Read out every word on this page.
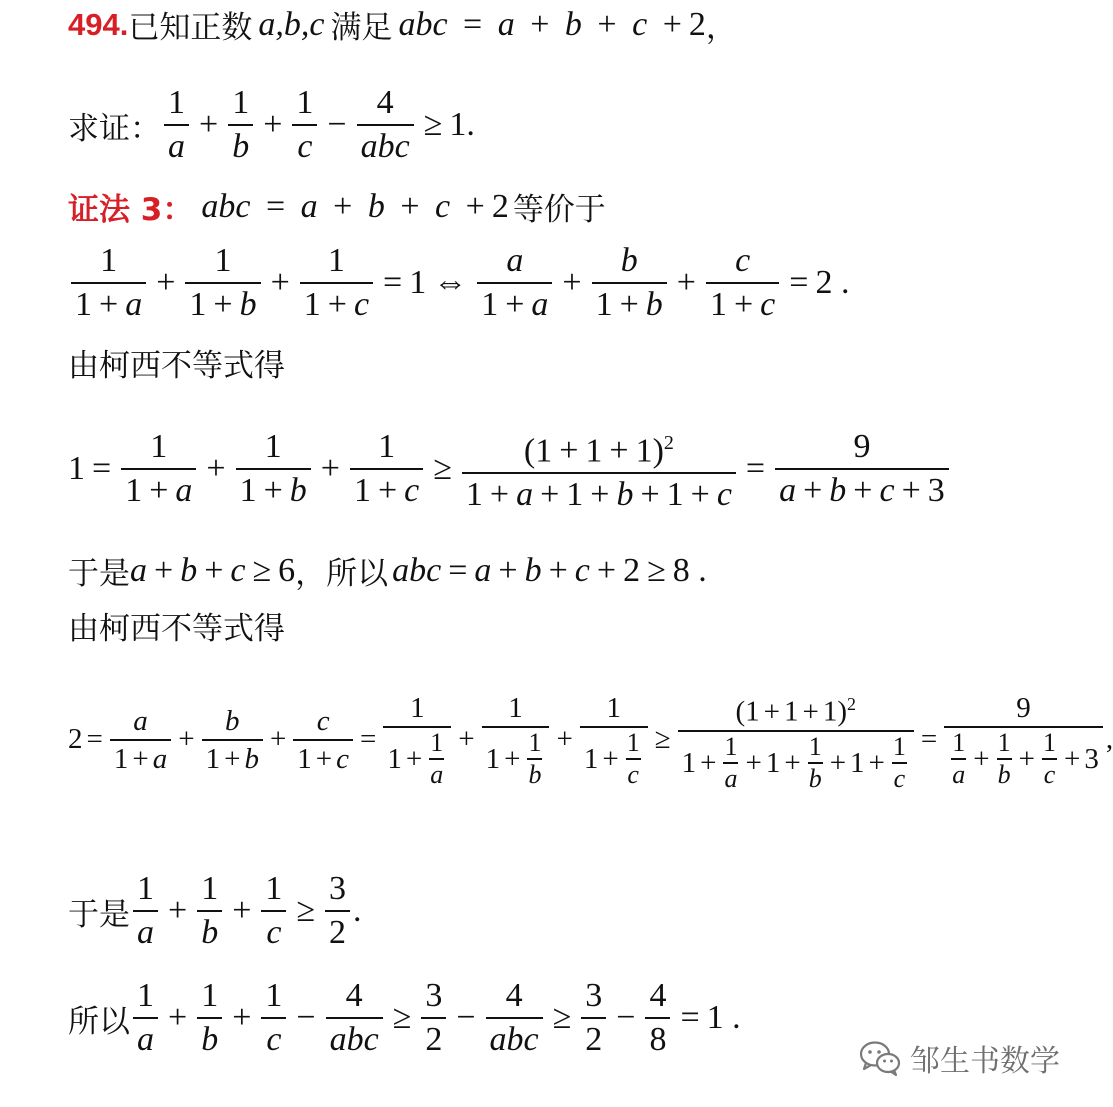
494. 已知正数 a,b,c 满足 abc = a + b + c + 2 ，
求证： $\frac{1}{a} + \frac{1}{b} + \frac{1}{c} - \frac{4}{\text{abc}} \ge 1$.
证法 3： abc = a + b + c + 2 等价于
$\frac{1}{1 + a} + \frac{1}{1 + b} + \frac{1}{1 + c} = 1$ ⇔ $\frac{a}{1 + a} + \frac{b}{1 + b} + \frac{c}{1 + c} = 2$ .
由柯西不等式得
$1 = \frac{1}{1 + a} + \frac{1}{1 + b} + \frac{1}{1 + c} \ge \frac{(1 + 1 + 1)^2}{1 + a + 1 + b + 1 + c} = \frac{9}{a + b + c + 3}$
于是 a + b + c ≥ 6 ，所以 abc = a + b + c + 2 ≥ 8 .
由柯西不等式得
$2 = \frac{a}{1 + a} + \frac{b}{1 + b} + \frac{c}{1 + c} = \frac{1}{1 + \frac{1}{a}} + \frac{1}{1 + \frac{1}{b}} + \frac{1}{1 + \frac{1}{c}} \ge \frac{(1 + 1 + 1)^2}{1 + \frac{1}{a} + 1 + \frac{1}{b} + 1 + \frac{1}{c}} = \frac{9}{\frac{1}{a} + \frac{1}{b} + \frac{1}{c} + 3}$ ,
于是 $\frac{1}{a} + \frac{1}{b} + \frac{1}{c} \ge \frac{3}{2}$ .
所以 $\frac{1}{a} + \frac{1}{b} + \frac{1}{c} - \frac{4}{\text{abc}} \ge \frac{3}{2} - \frac{4}{\text{abc}} \ge \frac{3}{2} - \frac{4}{8} = 1$ .
邹生书数学
